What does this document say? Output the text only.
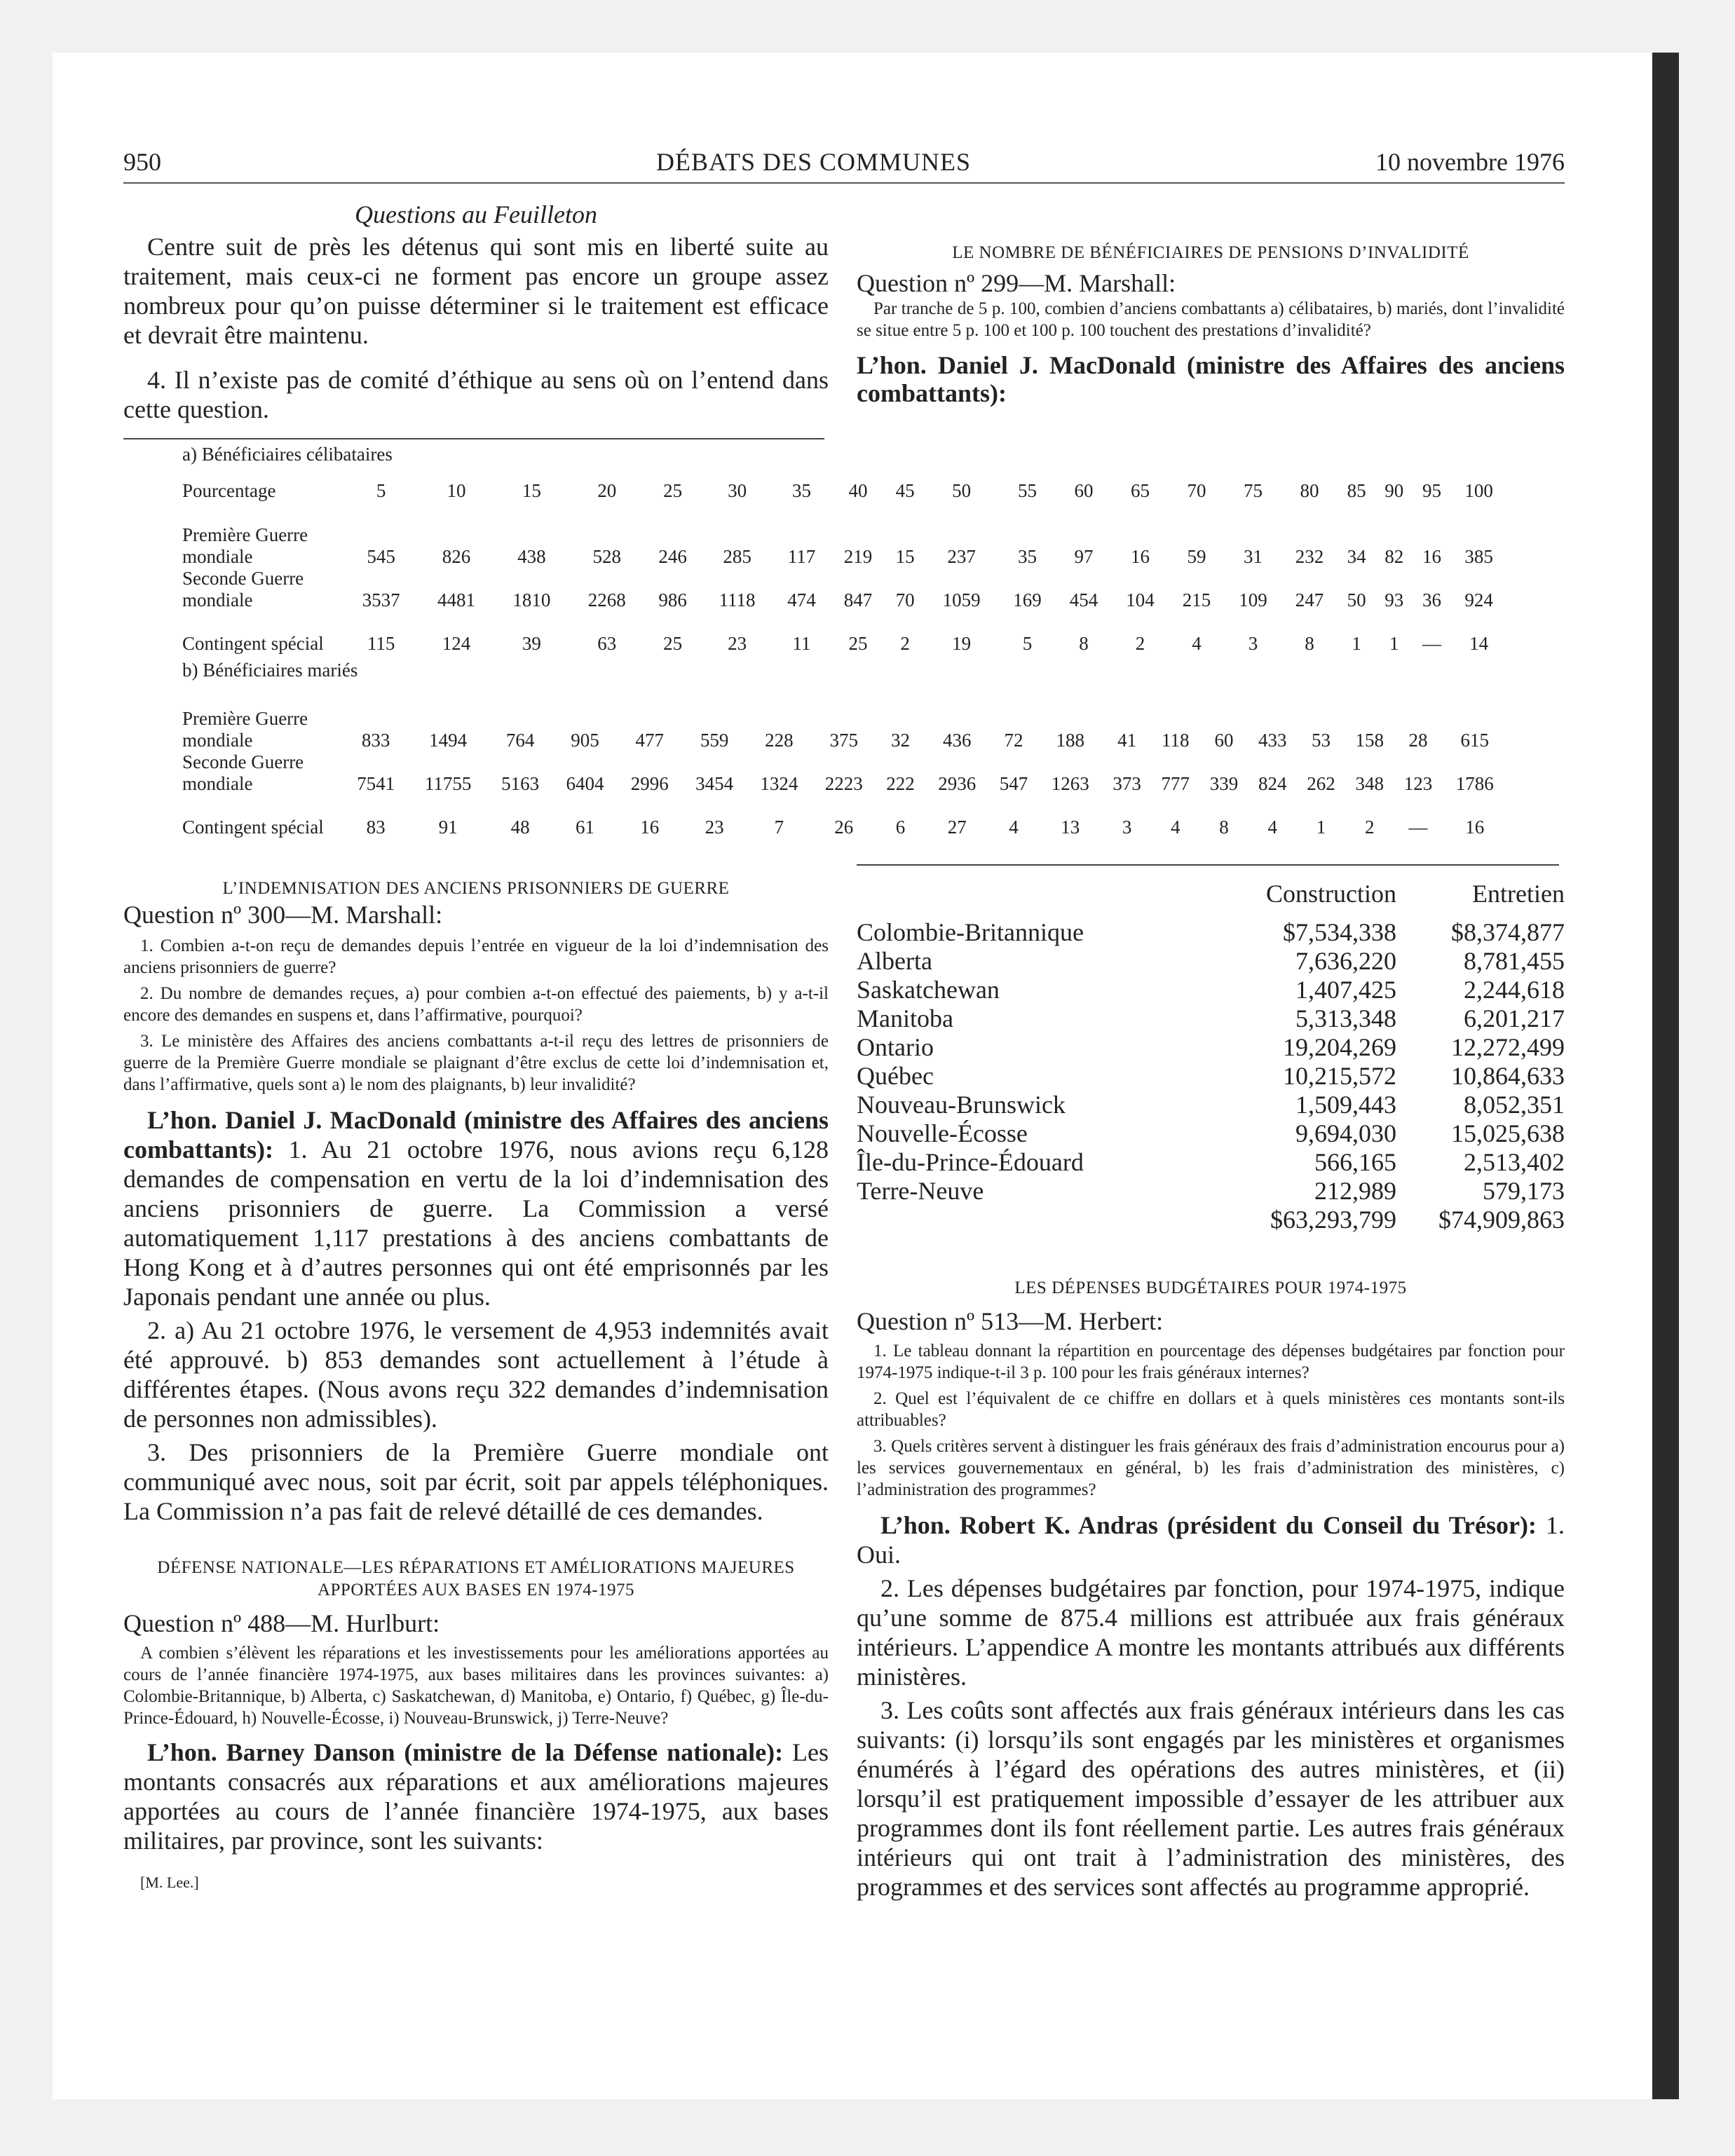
950	DÉBATS DES COMMUNES	10 novembre 1976

Questions au Feuilleton

Centre suit de près les détenus qui sont mis en liberté suite au traitement, mais ceux-ci ne forment pas encore un groupe assez nombreux pour qu’on puisse déterminer si le traitement est efficace et devrait être maintenu.

4. Il n’existe pas de comité d’éthique au sens où on l’entend dans cette question.

LE NOMBRE DE BÉNÉFICIAIRES DE PENSIONS D’INVALIDITÉ

Question nº 299—M. Marshall:

Par tranche de 5 p. 100, combien d’anciens combattants a) célibataires, b) mariés, dont l’invalidité se situe entre 5 p. 100 et 100 p. 100 touchent des prestations d’invalidité?

L’hon. Daniel J. MacDonald (ministre des Affaires des anciens combattants):

a) Bénéficiaires célibataires
Pourcentage	5	10	15	20	25	30	35	40	45	50	55	60	65	70	75	80	85	90	95	100
Première Guerre mondiale	545	826	438	528	246	285	117	219	15	237	35	97	16	59	31	232	34	82	16	385
Seconde Guerre mondiale	3537	4481	1810	2268	986	1118	474	847	70	1059	169	454	104	215	109	247	50	93	36	924
Contingent spécial	115	124	39	63	25	23	11	25	2	19	5	8	2	4	3	8	1	1	—	14
b) Bénéficiaires mariés
Première Guerre mondiale	833	1494	764	905	477	559	228	375	32	436	72	188	41	118	60	433	53	158	28	615
Seconde Guerre mondiale	7541	11755	5163	6404	2996	3454	1324	2223	222	2936	547	1263	373	777	339	824	262	348	123	1786
Contingent spécial	83	91	48	61	16	23	7	26	6	27	4	13	3	4	8	4	1	2	—	16

L’INDEMNISATION DES ANCIENS PRISONNIERS DE GUERRE

Question nº 300—M. Marshall:

1. Combien a-t-on reçu de demandes depuis l’entrée en vigueur de la loi d’indemnisation des anciens prisonniers de guerre?

2. Du nombre de demandes reçues, a) pour combien a-t-on effectué des paiements, b) y a-t-il encore des demandes en suspens et, dans l’affirmative, pourquoi?

3. Le ministère des Affaires des anciens combattants a-t-il reçu des lettres de prisonniers de guerre de la Première Guerre mondiale se plaignant d’être exclus de cette loi d’indemnisation et, dans l’affirmative, quels sont a) le nom des plaignants, b) leur invalidité?

L’hon. Daniel J. MacDonald (ministre des Affaires des anciens combattants): 1. Au 21 octobre 1976, nous avions reçu 6,128 demandes de compensation en vertu de la loi d’indemnisation des anciens prisonniers de guerre. La Commission a versé automatiquement 1,117 prestations à des anciens combattants de Hong Kong et à d’autres personnes qui ont été emprisonnés par les Japonais pendant une année ou plus.

2. a) Au 21 octobre 1976, le versement de 4,953 indemnités avait été approuvé. b) 853 demandes sont actuellement à l’étude à différentes étapes. (Nous avons reçu 322 demandes d’indemnisation de personnes non admissibles).

3. Des prisonniers de la Première Guerre mondiale ont communiqué avec nous, soit par écrit, soit par appels téléphoniques. La Commission n’a pas fait de relevé détaillé de ces demandes.

DÉFENSE NATIONALE—LES RÉPARATIONS ET AMÉLIORATIONS MAJEURES APPORTÉES AUX BASES EN 1974-1975

Question nº 488—M. Hurlburt:

A combien s’élèvent les réparations et les investissements pour les améliorations apportées au cours de l’année financière 1974-1975, aux bases militaires dans les provinces suivantes: a) Colombie-Britannique, b) Alberta, c) Saskatchewan, d) Manitoba, e) Ontario, f) Québec, g) Île-du-Prince-Édouard, h) Nouvelle-Écosse, i) Nouveau-Brunswick, j) Terre-Neuve?

L’hon. Barney Danson (ministre de la Défense nationale): Les montants consacrés aux réparations et aux améliorations majeures apportées au cours de l’année financière 1974-1975, aux bases militaires, par province, sont les suivants:

[M. Lee.]

	Construction	Entretien
Colombie-Britannique	$7,534,338	$8,374,877
Alberta	7,636,220	8,781,455
Saskatchewan	1,407,425	2,244,618
Manitoba	5,313,348	6,201,217
Ontario	19,204,269	12,272,499
Québec	10,215,572	10,864,633
Nouveau-Brunswick	1,509,443	8,052,351
Nouvelle-Écosse	9,694,030	15,025,638
Île-du-Prince-Édouard	566,165	2,513,402
Terre-Neuve	212,989	579,173
	$63,293,799	$74,909,863

LES DÉPENSES BUDGÉTAIRES POUR 1974-1975

Question nº 513—M. Herbert:

1. Le tableau donnant la répartition en pourcentage des dépenses budgétaires par fonction pour 1974-1975 indique-t-il 3 p. 100 pour les frais généraux internes?

2. Quel est l’équivalent de ce chiffre en dollars et à quels ministères ces montants sont-ils attribuables?

3. Quels critères servent à distinguer les frais généraux des frais d’administration encourus pour a) les services gouvernementaux en général, b) les frais d’administration des ministères, c) l’administration des programmes?

L’hon. Robert K. Andras (président du Conseil du Trésor): 1. Oui.

2. Les dépenses budgétaires par fonction, pour 1974-1975, indique qu’une somme de 875.4 millions est attribuée aux frais généraux intérieurs. L’appendice A montre les montants attribués aux différents ministères.

3. Les coûts sont affectés aux frais généraux intérieurs dans les cas suivants: (i) lorsqu’ils sont engagés par les ministères et organismes énumérés à l’égard des opérations des autres ministères, et (ii) lorsqu’il est pratiquement impossible d’essayer de les attribuer aux programmes dont ils font réellement partie. Les autres frais généraux intérieurs qui ont trait à l’administration des ministères, des programmes et des services sont affectés au programme approprié.
